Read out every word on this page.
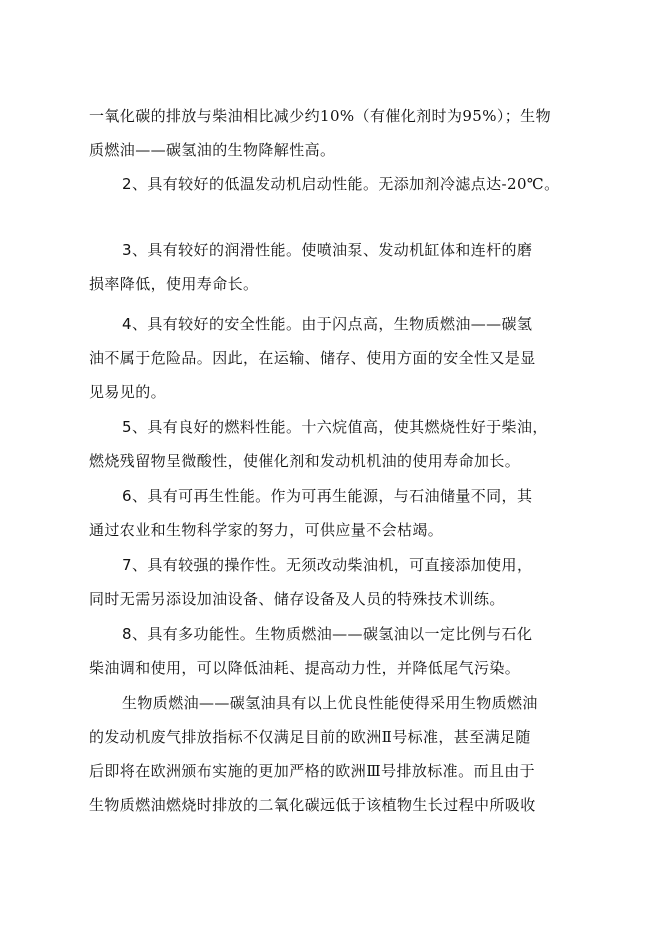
一氧化碳的排放与柴油相比减少约10%（有催化剂时为95%）；生物
质燃油——碳氢油的生物降解性高。
2、具有较好的低温发动机启动性能。无添加剂冷滤点达-20℃。
3、具有较好的润滑性能。使喷油泵、发动机缸体和连杆的磨
损率降低，使用寿命长。
4、具有较好的安全性能。由于闪点高，生物质燃油——碳氢
油不属于危险品。因此，在运输、储存、使用方面的安全性又是显
见易见的。
5、具有良好的燃料性能。十六烷值高，使其燃烧性好于柴油，
燃烧残留物呈微酸性，使催化剂和发动机机油的使用寿命加长。
6、具有可再生性能。作为可再生能源，与石油储量不同，其
通过农业和生物科学家的努力，可供应量不会枯竭。
7、具有较强的操作性。无须改动柴油机，可直接添加使用，
同时无需另添设加油设备、储存设备及人员的特殊技术训练。
8、具有多功能性。生物质燃油——碳氢油以一定比例与石化
柴油调和使用，可以降低油耗、提高动力性，并降低尾气污染。
生物质燃油——碳氢油具有以上优良性能使得采用生物质燃油
的发动机废气排放指标不仅满足目前的欧洲Ⅱ号标准，甚至满足随
后即将在欧洲颁布实施的更加严格的欧洲Ⅲ号排放标准。而且由于
生物质燃油燃烧时排放的二氧化碳远低于该植物生长过程中所吸收
